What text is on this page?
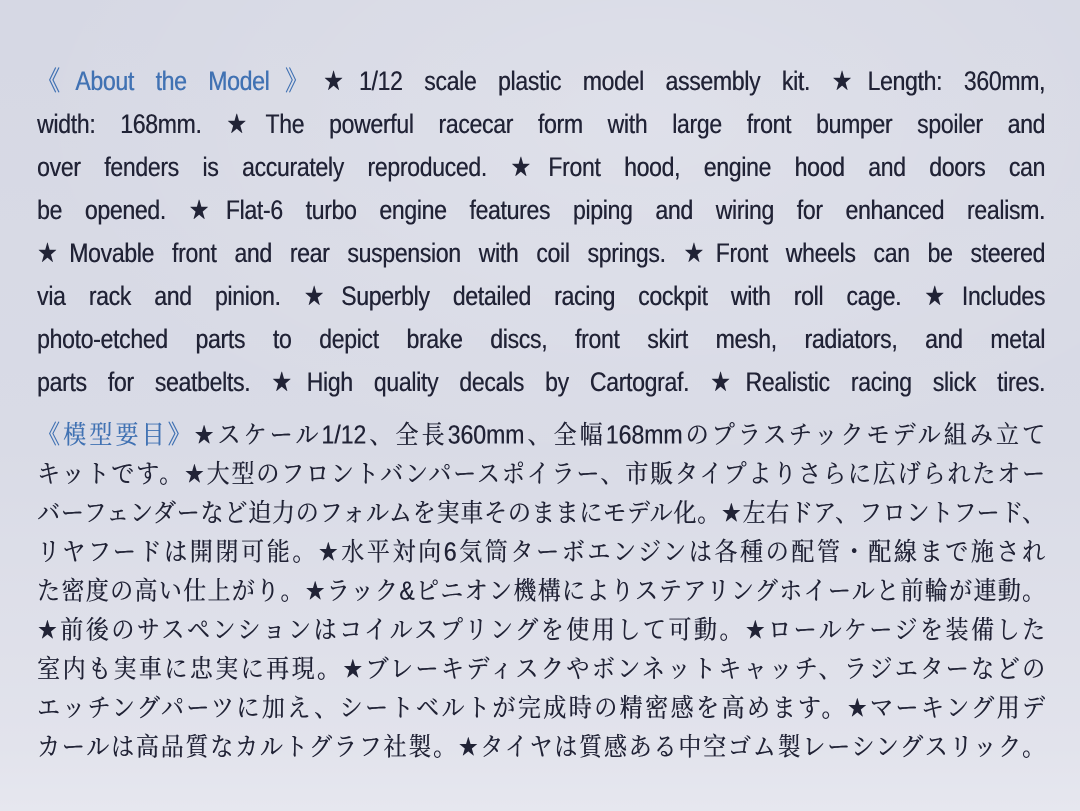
《About the Model》★1/12 scale plastic model assembly kit. ★Length: 360mm,
width: 168mm. ★The powerful racecar form with large front bumper spoiler and
over fenders is accurately reproduced. ★Front hood, engine hood and doors can
be opened. ★Flat-6 turbo engine features piping and wiring for enhanced realism.
★Movable front and rear suspension with coil springs. ★Front wheels can be steered
via rack and pinion. ★Superbly detailed racing cockpit with roll cage. ★Includes
photo-etched parts to depict brake discs, front skirt mesh, radiators, and metal
parts for seatbelts. ★High quality decals by Cartograf. ★Realistic racing slick tires.
《模型要目》★スケール1/12、全長360mm、全幅168mmのプラスチックモデル組み立て
キットです。★大型のフロントバンパースポイラー、市販タイプよりさらに広げられたオー
バーフェンダーなど迫力のフォルムを実車そのままにモデル化。★左右ドア、フロントフード、
リヤフードは開閉可能。★水平対向6気筒ターボエンジンは各種の配管・配線まで施され
た密度の高い仕上がり。★ラック&ピニオン機構によりステアリングホイールと前輪が連動。
★前後のサスペンションはコイルスプリングを使用して可動。★ロールケージを装備した
室内も実車に忠実に再現。★ブレーキディスクやボンネットキャッチ、ラジエターなどの
エッチングパーツに加え、シートベルトが完成時の精密感を高めます。★マーキング用デ
カールは高品質なカルトグラフ社製。★タイヤは質感ある中空ゴム製レーシングスリック。
